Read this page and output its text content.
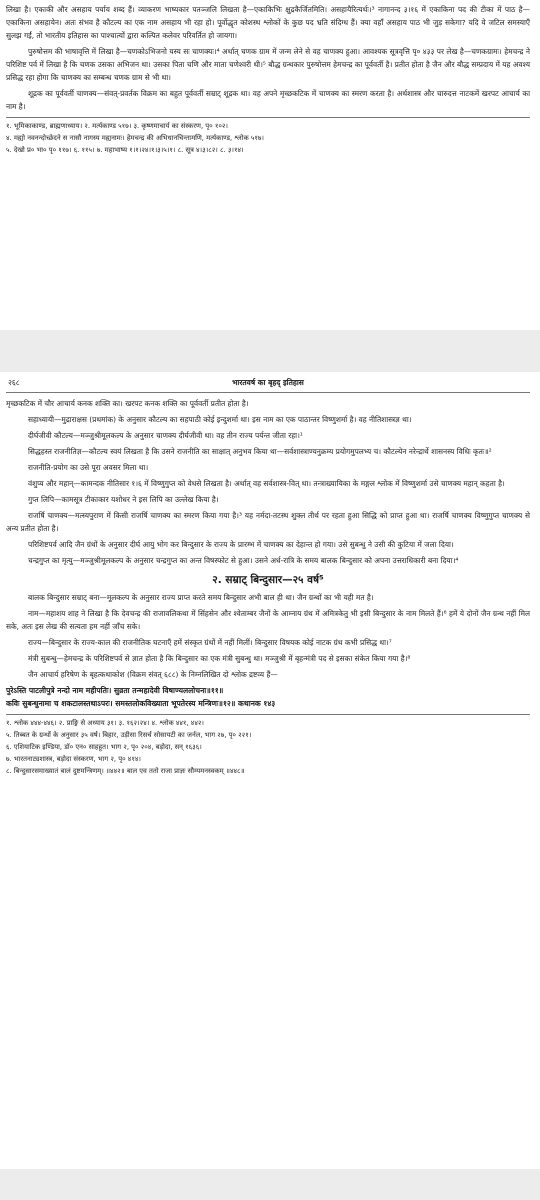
लिखा है। एकाकी और असहाय पर्याय शब्द हैं। व्याकरण भाष्यकार पतञ्जलि लिखता है—एकाकिभिः क्षुद्रकैर्जितमिति। असहायैरित्यर्थः।³ नागानन्द ३।१६ में एकाकिना पद की टीका में पाठ है—एकाकिना असहायेन। अतः संभव है कौटल्य का एक नाम असहाय भी रहा हो। पूर्वोद्धृत कोशस्थ श्लोकों के कुछ पद भ्रति संदिग्ध हैं। क्या वहाँ असहाय पाठ भी जुड़ सकेगा? यदि ये जटिल समस्याएँ सुलझ गईं, तो भारतीय इतिहास का पाश्चात्यों द्वारा कल्पित कलेवर परिवर्तित हो जायगा।

पुरुषोत्तम की भाषावृत्ति में लिखा है—चणकोऽभिजनो यस्य सः चाणक्यः।⁴ अर्थात् चणक ग्राम में जन्म लेने से वह चाणक्य हुआ। आवश्यक सूत्रवृत्ति पृ० ४३३ पर लेख है—चणकग्रामः। हेमचन्द्र ने परिशिष्ट पर्व में लिखा है कि चणक उसका अभिजन था। उसका पिता चणि और माता चणेश्वरी थी।⁵ बौद्ध ग्रन्थकार पुरुषोत्तम हेमचन्द्र का पूर्ववर्ती है। प्रतीत होता है जैन और बौद्ध सम्प्रदाय में यह अवश्य प्रसिद्ध रहा होगा कि चाणक्य का सम्बन्ध चणक ग्राम से भी था।

शूद्रक का पूर्ववर्ती चाणक्य—संवत्-प्रवर्तक विक्रम का बहुत पूर्ववर्ती सम्राट् शूद्रक था। वह अपने मृच्छकटिक में चाणक्य का स्मरण करता है। अर्थशास्त्र और चारुदत्त नाटकमें खरपट आचार्य का नाम है।

१. भूमिकाकाण्ड, ब्राह्मणाध्याय। २. मर्त्यकाण्ड ५१७। ३. कृष्णमाचार्य का संस्करण, पृ० १०२।

४. मह्यो नवनन्दोच्छेदने स नासौ नागस्य मह्यनामः। हेमचन्द्र की अभिधानचिन्तामणि, मर्त्यकाण्ड, श्लोक ५१७।

५. देखो प्र० भा० पृ० ११७। ६. ११५। ७. महाभाष्य १।१।२४।१।३।५।१। ८. सूत्र ४।३।८२। ८. ३।१४।

२६८	भारतवर्ष का बृहद् इतिहास

मृच्छकटिक में चौर आचार्य कनक शक्ति का। खरपट कनक शक्ति का पूर्ववर्ती प्रतीत होता है।

सहाध्यायी—मुद्राराक्षस (प्रथमांक) के अनुसार कौटल्य का सहपाठी कोई इन्दुशर्मा था। इस नाम का एक पाठान्तर विष्णुशर्मा है। वह नीतिशास्त्रज्ञ था।

दीर्घजीवी कौटल्य—मञ्जुश्रीमूलकल्प के अनुसार चाणक्य दीर्घजीवी था। वह तीन राज्य पर्यन्त जीता रहा।¹

सिद्धहस्त राजनीतिज्ञ—कौटल्य स्वयं लिखता है कि उसने राजनीति का साक्षात् अनुभव किया था—सर्वशास्त्राण्यनुक्रम्य प्रयोगमुपलभ्य च। कौटल्येन नरेन्द्रार्थे शासनस्य विधिः कृतः॥²

राजनीति-प्रयोग का उसे पूरा अवसर मिला था।

वंशुप्य और महान्—कामन्दक नीतिसार १।६ में विष्णुगुप्त को वेधसे लिखता है। अर्थात् वह सर्वशास्त्र-वित् था। तन्त्राख्यायिका के मङ्गल श्लोक में विष्णुशर्मा उसे चाणक्य महान् कहता है।

गुप्त लिपि—कामसूत्र टीकाकार यशोधर ने इस लिपि का उल्लेख किया है।

राजर्षि चाणक्य—मत्स्यपुराण में किसी राजर्षि चाणक्य का स्मरण किया गया है।³ यह नर्मदा-तटस्थ शुक्ल तीर्थ पर रहता हुआ सिद्धि को प्राप्त हुआ था। राजर्षि चाणक्य विष्णुगुप्त चाणक्य से अन्य प्रतीत होता है।

परिशिष्टपर्व आदि जैन ग्रंथों के अनुसार दीर्घ आयु भोग कर बिन्दुसार के राज्य के प्रारम्भ में चाणक्य का देहान्त हो गया। उसे सुबन्धु ने उसी की कुटिया में जला दिया।

चन्द्रगुप्त का मृत्यु—मञ्जुश्रीमूलकल्प के अनुसार चन्द्रगुप्त का अन्त विषस्फोट से हुआ। उसने अर्ध-रात्रि के समय बालक बिन्दुसार को अपना उत्तराधिकारी बना दिया।⁴

२. सम्राट् बिन्दुसार—२५ वर्ष⁵

बालक बिन्दुसार सम्राट् बना—मूलकल्प के अनुसार राज्य प्राप्त करते समय बिन्दुसार अभी बाल ही था। जैन ग्रन्थों का भी यही मत है।

नाम—महाशय शाह ने लिखा है कि देवचन्द्र की राजावलिकथा में सिंहसेन और श्वेताम्बर जैनों के आम्नाय ग्रंथ में अमित्रकेतु भी इसी बिन्दुसार के नाम मिलते हैं।⁶ हमें ये दोनों जैन ग्रन्थ नहीं मिल सके, अतः इस लेख की सत्यता हम नहीं जाँच सके।

राज्य—बिन्दुसार के राज्य-काल की राजनीतिक घटनाएँ हमें संस्कृत ग्रंथों में नहीं मिलीं। बिन्दुसार विषयक कोई नाटक ग्रंथ कभी प्रसिद्ध था।⁷

मंत्री सुबन्धु—हेमचन्द्र के परिशिष्टपर्व से ज्ञात होता है कि बिन्दुसार का एक मंत्री सुबन्धु था। मञ्जुश्री में बृहन्मंत्री पद से इसका संकेत किया गया है।⁸

जैन आचार्य हरिषेण के बृहत्कथाकोश (विक्रम संवत् ६८८) के निम्नलिखित दो श्लोक द्रष्टव्य हैं—

पुरेऽस्ति पाटलीपुत्रे नन्दो नाम महीपतिः। सुव्रता तन्महादेवी विषाण्यललोचना॥११॥

कविः सुबन्धुनामा च शकटालस्तथाऽपरः। समस्तलोकविख्याता भूपतेरस्य मन्त्रिणः॥१२॥ कथानक १४३

१. श्लोक ४४४-४४६। २. प्राङ्गि से अध्याय ३१। ३. १६२।२४। ४. श्लोक ४४१, ४४२।

५. तिब्बत के ग्रन्थों के अनुसार ३५ वर्ष। बिहार, उड़ीसा रिसर्च सोसायटी का जर्नल, भाग २७, पृ० २२१।

६. एशियाटिक इण्डिया, डॉ० एन० साहहूत। भाग २, पृ० २०४, बड़ोदा, सन् १६३६।

७. भारतनाट्यशास्त्र, बड़ोदा संस्करण, भाग २, पृ० ४१४।

८. बिन्दुसारसमाख्यातं बालं दुष्टमन्त्रिणम्। ॥४४२॥ बाल एव ततो राजा प्राज्ञः सौम्यमनस्वकम् ॥४४८॥
